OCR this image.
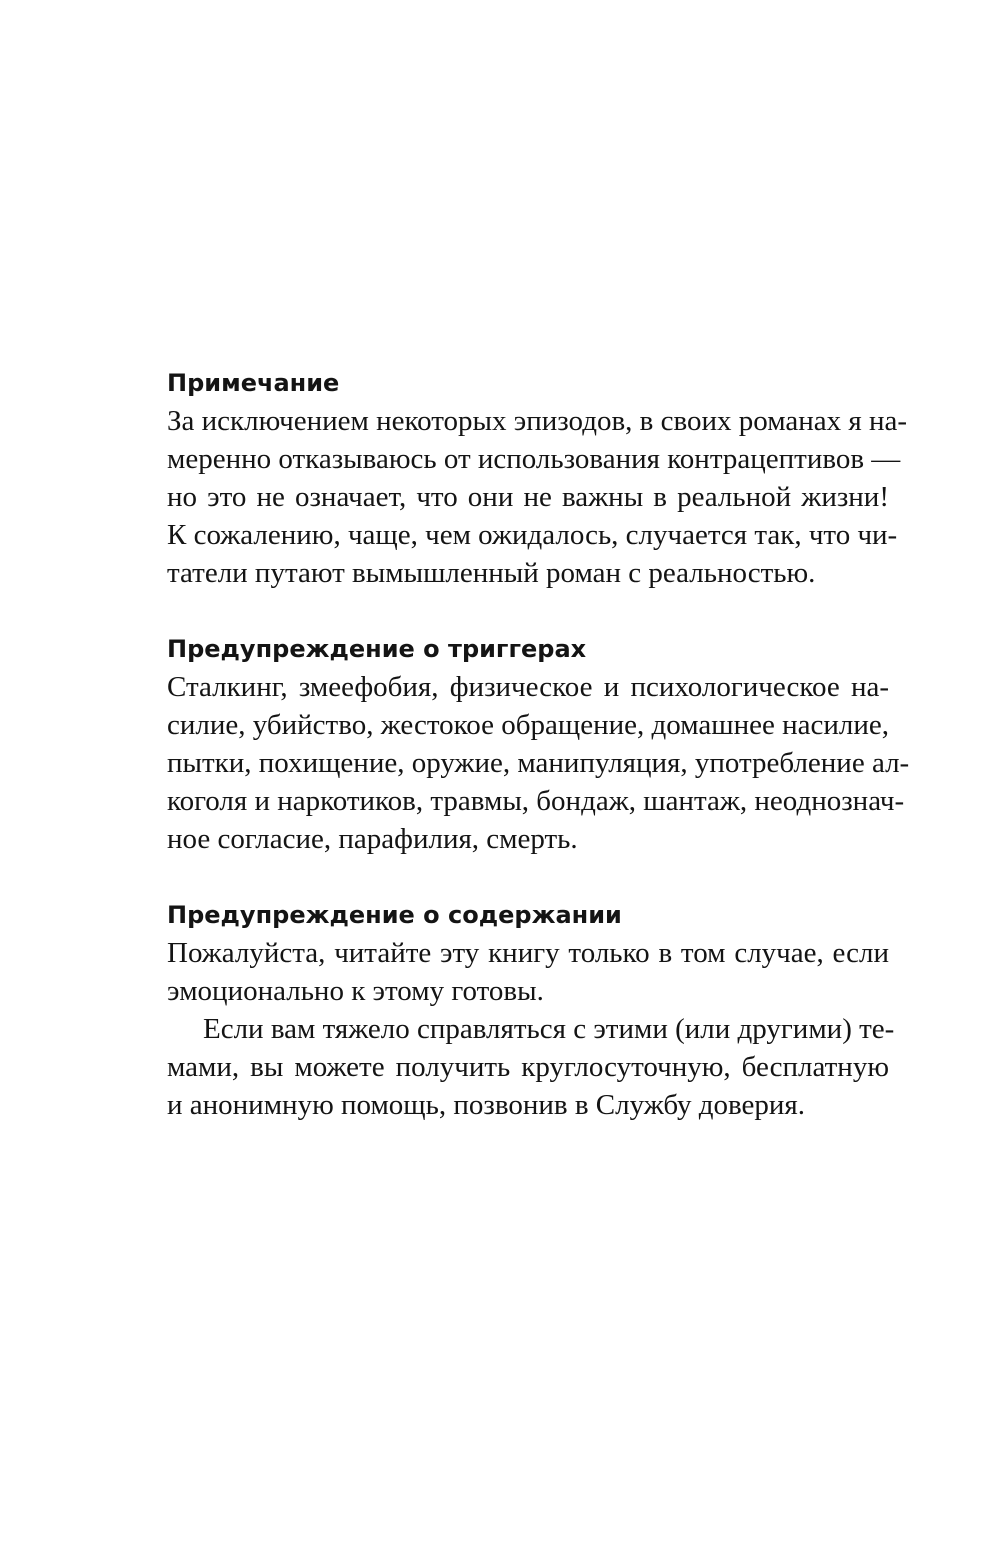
Примечание
За исключением некоторых эпизодов, в своих романах я на-
меренно отказываюсь от использования контрацептивов —
но это не означает, что они не важны в реальной жизни!
К сожалению, чаще, чем ожидалось, случается так, что чи-
татели путают вымышленный роман с реальностью.
Предупреждение о триггерах
Сталкинг, змеефобия, физическое и психологическое на-
силие, убийство, жестокое обращение, домашнее насилие,
пытки, похищение, оружие, манипуляция, употребление ал-
коголя и наркотиков, травмы, бондаж, шантаж, неоднознач-
ное согласие, парафилия, смерть.
Предупреждение о содержании
Пожалуйста, читайте эту книгу только в том случае, если
эмоционально к этому готовы.
Если вам тяжело справляться с этими (или другими) те-
мами, вы можете получить круглосуточную, бесплатную
и анонимную помощь, позвонив в Службу доверия.
